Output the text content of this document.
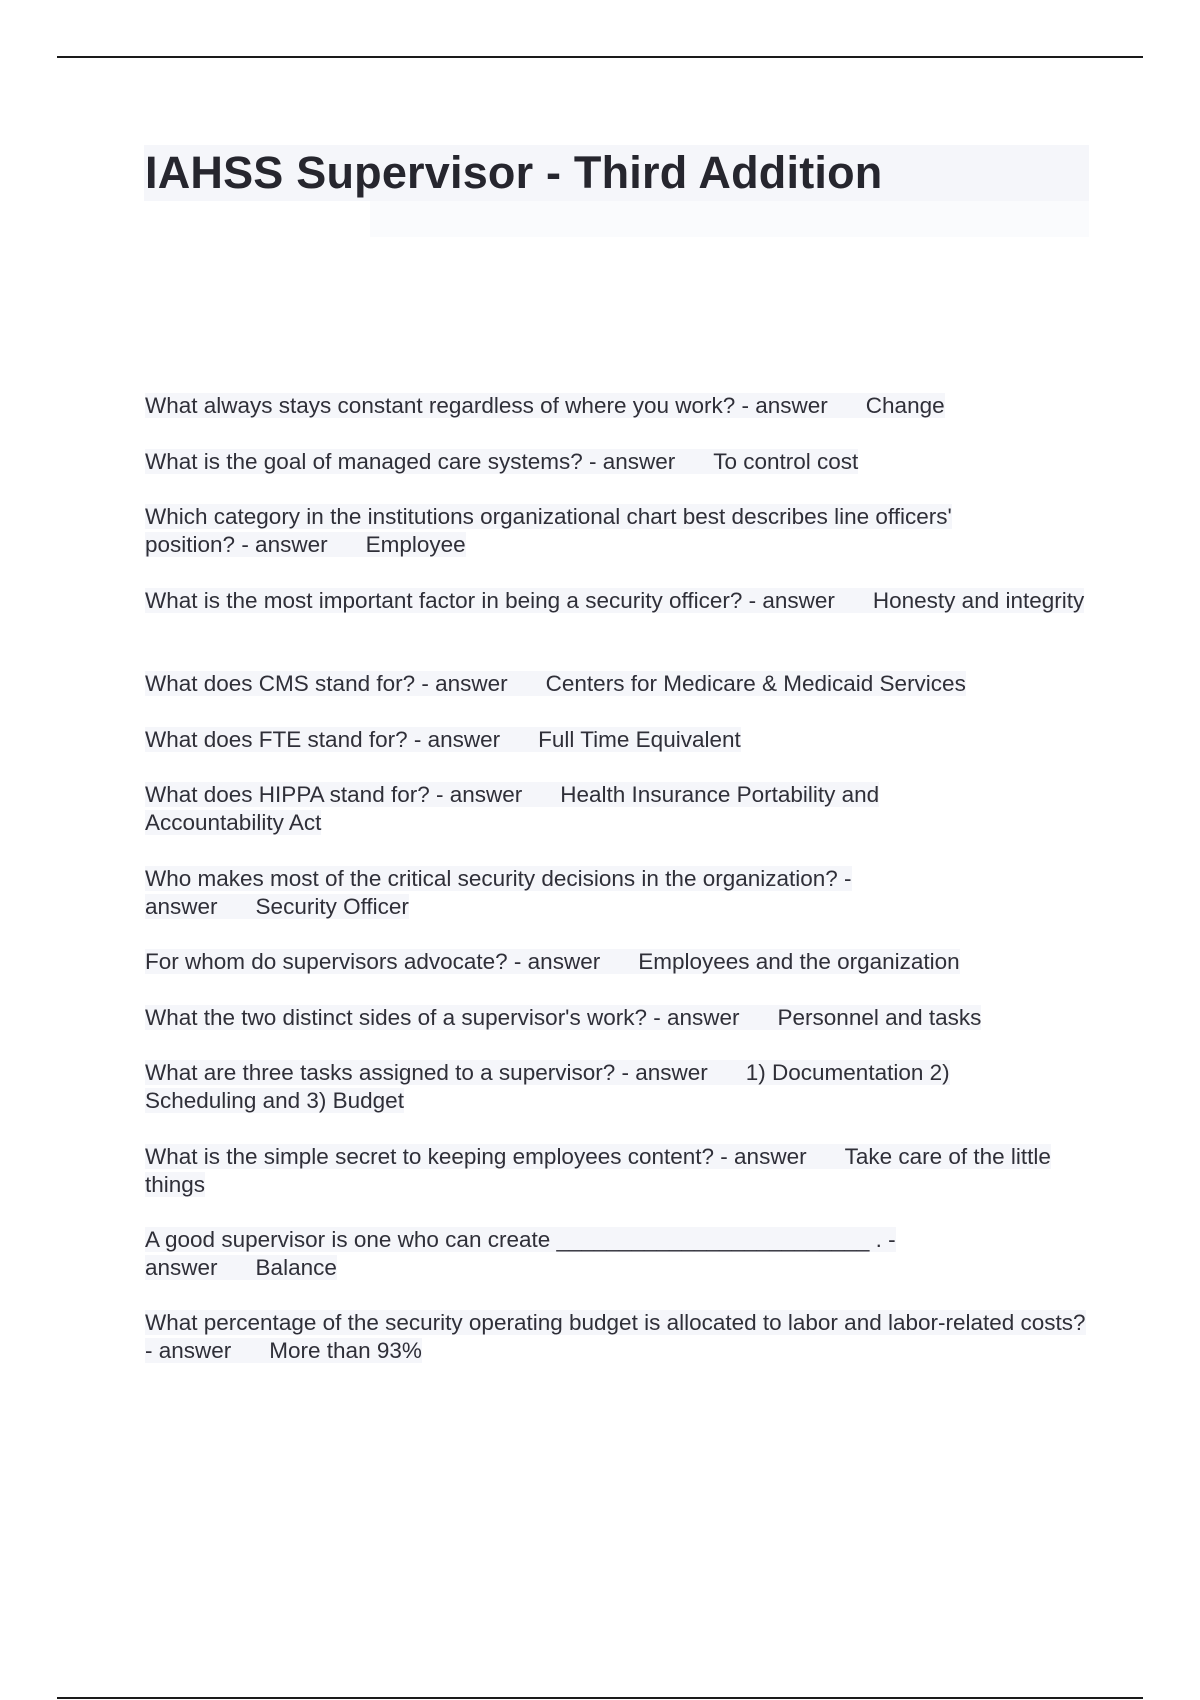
IAHSS Supervisor - Third Addition
What always stays constant regardless of where you work? - answer Change
What is the goal of managed care systems? - answer To control cost
Which category in the institutions organizational chart best describes line officers' position? - answer Employee
What is the most important factor in being a security officer? - answer Honesty and integrity
What does CMS stand for? - answer Centers for Medicare & Medicaid Services
What does FTE stand for? - answer Full Time Equivalent
What does HIPPA stand for? - answer Health Insurance Portability and Accountability Act
Who makes most of the critical security decisions in the organization? - answer Security Officer
For whom do supervisors advocate? - answer Employees and the organization
What the two distinct sides of a supervisor's work? - answer Personnel and tasks
What are three tasks assigned to a supervisor? - answer 1) Documentation 2) Scheduling and 3) Budget
What is the simple secret to keeping employees content? - answer Take care of the little things
A good supervisor is one who can create _________________________ . - answer Balance
What percentage of the security operating budget is allocated to labor and labor-related costs? - answer More than 93%
